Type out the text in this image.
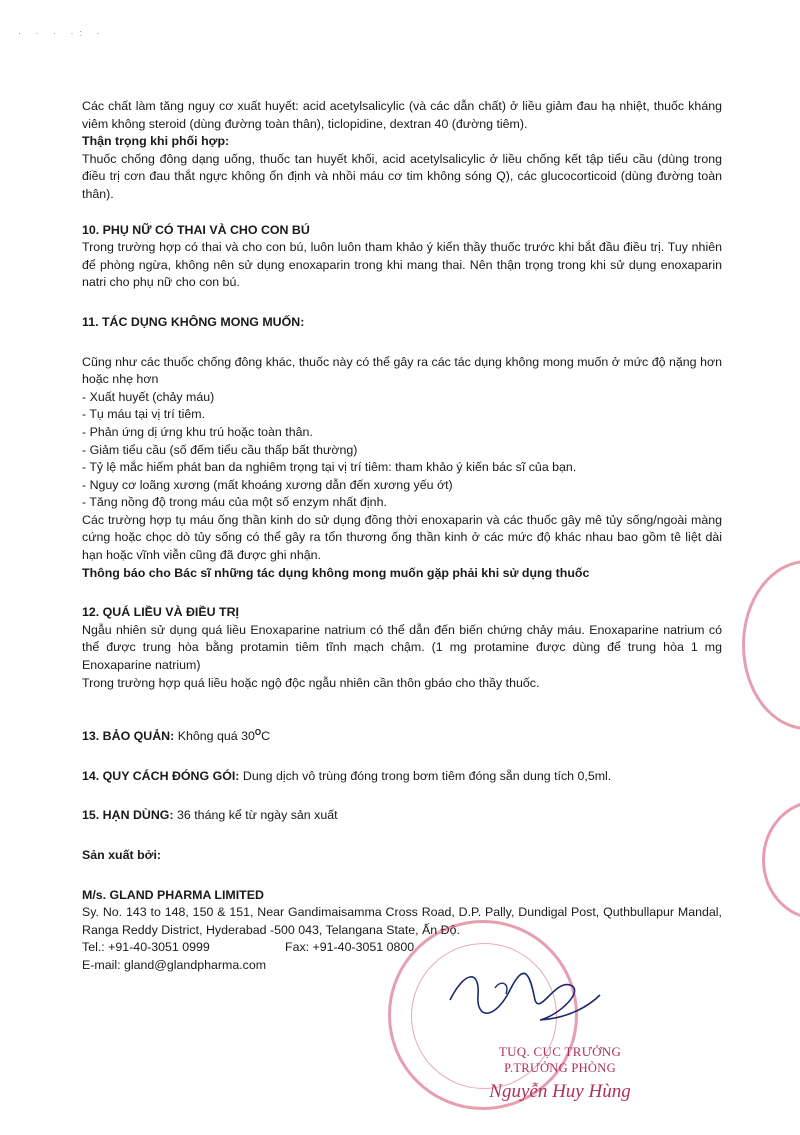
· · · ·: ·

Các chất làm tăng nguy cơ xuất huyết: acid acetylsalicylic (và các dẫn chất) ở liều giảm đau hạ nhiệt, thuốc kháng viêm không steroid (dùng đường toàn thân), ticlopidine, dextran 40 (đường tiêm).

Thận trọng khi phối hợp:

Thuốc chống đông dạng uống, thuốc tan huyết khối, acid acetylsalicylic ở liều chống kết tập tiểu cầu (dùng trong điều trị cơn đau thắt ngực không ổn định và nhồi máu cơ tim không sóng Q), các glucocorticoid (dùng đường toàn thân).

10. PHỤ NỮ CÓ THAI VÀ CHO CON BÚ

Trong trường hợp có thai và cho con bú, luôn luôn tham khảo ý kiến thầy thuốc trước khi bắt đầu điều trị. Tuy nhiên để phòng ngừa, không nên sử dụng enoxaparin trong khi mang thai. Nên thận trọng trong khi sử dụng enoxaparin natri cho phụ nữ cho con bú.

11. TÁC DỤNG KHÔNG MONG MUỐN:

Cũng như các thuốc chống đông khác, thuốc này có thể gây ra các tác dụng không mong muốn ở mức độ nặng hơn hoặc nhẹ hơn

- Xuất huyết (chảy máu)

- Tụ máu tại vị trí tiêm.

- Phản ứng dị ứng khu trú hoặc toàn thân.

- Giảm tiểu cầu (số đếm tiểu cầu thấp bất thường)

- Tỷ lệ mắc hiếm phát ban da nghiêm trọng tại vị trí tiêm: tham khảo ý kiến bác sĩ của bạn.

- Nguy cơ loãng xương (mất khoáng xương dẫn đến xương yếu ớt)

- Tăng nồng độ trong máu của một số enzym nhất định.

Các trường hợp tụ máu ống thần kinh do sử dụng đồng thời enoxaparin và các thuốc gây mê tủy sống/ngoài màng cứng hoặc chọc dò tủy sống có thể gây ra tổn thương ống thần kinh ở các mức độ khác nhau bao gồm tê liệt dài hạn hoặc vĩnh viễn cũng đã được ghi nhận.

Thông báo cho Bác sĩ những tác dụng không mong muốn gặp phải khi sử dụng thuốc

12. QUÁ LIỀU VÀ ĐIỀU TRỊ

Ngẫu nhiên sử dụng quá liều Enoxaparine natrium có thể dẫn đến biến chứng chảy máu. Enoxaparine natrium có thể được trung hòa bằng protamin tiêm tĩnh mạch chậm. (1 mg protamine được dùng để trung hòa 1 mg Enoxaparine natrium)

Trong trường hợp quá liều hoặc ngộ độc ngẫu nhiên cần thôn gbáo cho thầy thuốc.

13. BẢO QUẢN: Không quá $30^OC$

14. QUY CÁCH ĐÓNG GÓI: Dung dịch vô trùng đóng trong bơm tiêm đóng sẵn dung tích 0,5ml.

15. HẠN DÙNG: 36 tháng kể từ ngày sản xuất

Sản xuất bởi:

M/s. GLAND PHARMA LIMITED

Sy. No. 143 to 148, 150 & 151, Near Gandimaisamma Cross Road, D.P. Pally, Dundigal Post, Quthbullapur Mandal, Ranga Reddy District, Hyderabad -500 043, Telangana State, Ấn Độ.

Tel.: +91-40-3051 0999	Fax: +91-40-3051 0800

E-mail: gland@glandpharma.com

TUQ. CỤC TRƯỞNG
P.TRƯỞNG PHÒNG
Nguyễn Huy Hùng
